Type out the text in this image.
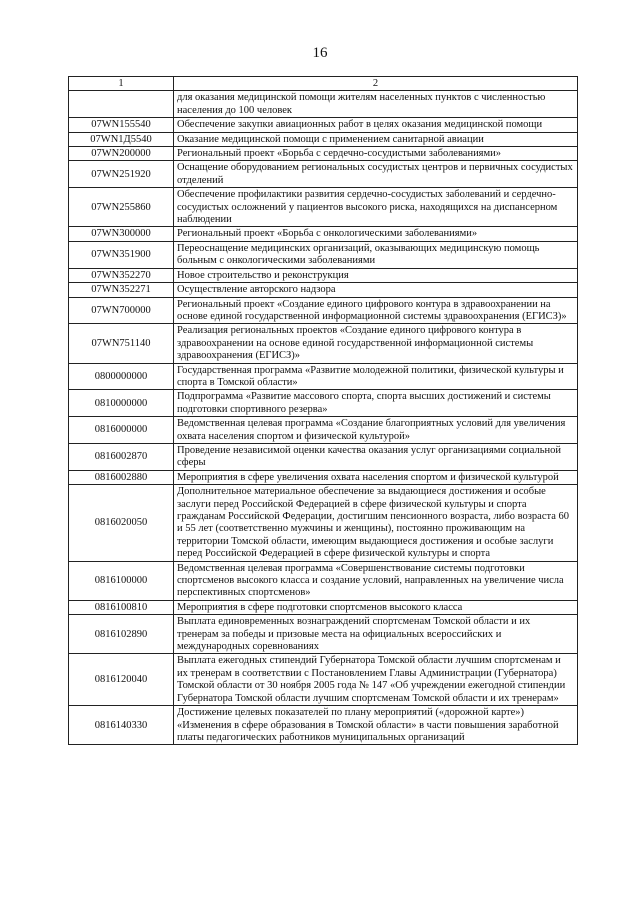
16
1	2
	для оказания медицинской помощи жителям населенных пунктов с численностью населения до 100 человек
07WN155540	Обеспечение закупки авиационных работ в целях оказания медицинской помощи
07WN1Д5540	Оказание медицинской помощи с применением санитарной авиации
07WN200000	Региональный проект «Борьба с сердечно-сосудистыми заболеваниями»
07WN251920	Оснащение оборудованием региональных сосудистых центров и первичных сосудистых отделений
07WN255860	Обеспечение профилактики развития сердечно-сосудистых заболеваний и сердечно-сосудистых осложнений у пациентов высокого риска, находящихся на диспансерном наблюдении
07WN300000	Региональный проект «Борьба с онкологическими заболеваниями»
07WN351900	Переоснащение медицинских организаций, оказывающих медицинскую помощь больным с онкологическими заболеваниями
07WN352270	Новое строительство и реконструкция
07WN352271	Осуществление авторского надзора
07WN700000	Региональный проект «Создание единого цифрового контура в здравоохранении на основе единой государственной информационной системы здравоохранения (ЕГИСЗ)»
07WN751140	Реализация региональных проектов «Создание единого цифрового контура в здравоохранении на основе единой государственной информационной системы здравоохранения (ЕГИСЗ)»
0800000000	Государственная программа «Развитие молодежной политики, физической культуры и спорта в Томской области»
0810000000	Подпрограмма «Развитие массового спорта, спорта высших достижений и системы подготовки спортивного резерва»
0816000000	Ведомственная целевая программа «Создание благоприятных условий для увеличения охвата населения спортом и физической культурой»
0816002870	Проведение независимой оценки качества оказания услуг организациями социальной сферы
0816002880	Мероприятия в сфере увеличения охвата населения спортом и физической культурой
0816020050	Дополнительное материальное обеспечение за выдающиеся достижения и особые заслуги перед Российской Федерацией в сфере физической культуры и спорта гражданам Российской Федерации, достигшим пенсионного возраста, либо возраста 60 и 55 лет (соответственно мужчины и женщины), постоянно проживающим на территории Томской области, имеющим выдающиеся достижения и особые заслуги перед Российской Федерацией в сфере физической культуры и спорта
0816100000	Ведомственная целевая программа «Совершенствование системы подготовки спортсменов высокого класса и создание условий, направленных на увеличение числа перспективных спортсменов»
0816100810	Мероприятия в сфере подготовки спортсменов высокого класса
0816102890	Выплата единовременных вознаграждений спортсменам Томской области и их тренерам за победы и призовые места на официальных всероссийских и международных соревнованиях
0816120040	Выплата ежегодных стипендий Губернатора Томской области лучшим спортсменам и их тренерам в соответствии с Постановлением Главы Администрации (Губернатора) Томской области от 30 ноября 2005 года № 147 «Об учреждении ежегодной стипендии Губернатора Томской области лучшим спортсменам Томской области и их тренерам»
0816140330	Достижение целевых показателей по плану мероприятий («дорожной карте») «Изменения в сфере образования в Томской области» в части повышения заработной платы педагогических работников муниципальных организаций
